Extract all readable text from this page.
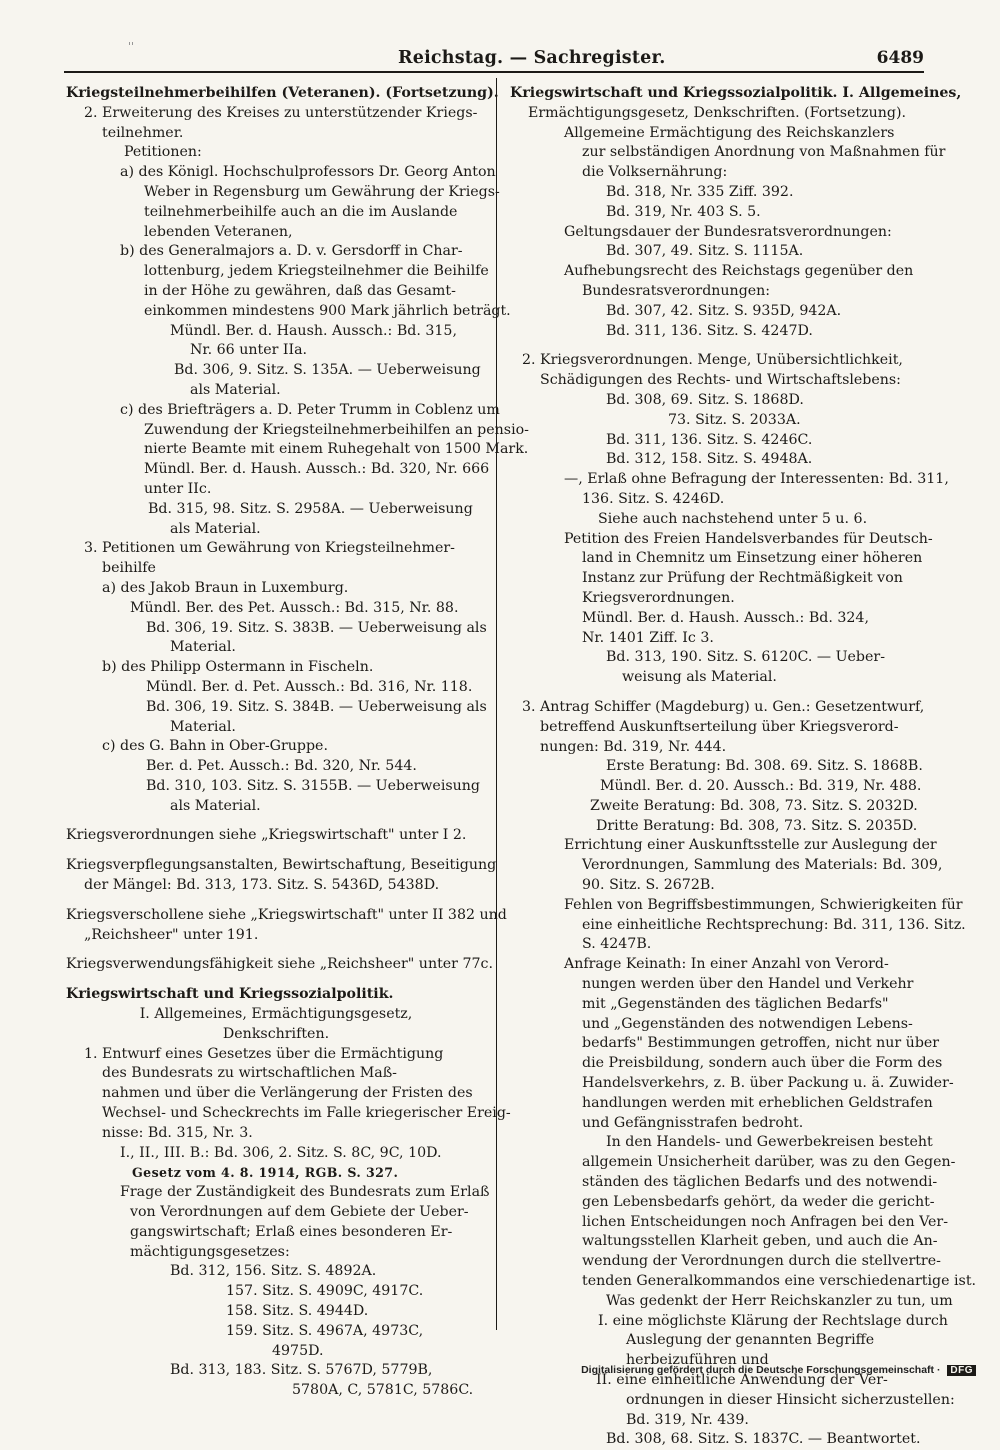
''
Reichstag. — Sachregister.	6489
Kriegsteilnehmerbeihilfen (Veteranen). (Fortsetzung).
2. Erweiterung des Kreises zu unterstützender Kriegs-
teilnehmer.
Petitionen:
a) des Königl. Hochschulprofessors Dr. Georg Anton
Weber in Regensburg um Gewährung der Kriegs-
teilnehmerbeihilfe auch an die im Auslande
lebenden Veteranen,
b) des Generalmajors a. D. v. Gersdorff in Char-
lottenburg, jedem Kriegsteilnehmer die Beihilfe
in der Höhe zu gewähren, daß das Gesamt-
einkommen mindestens 900 Mark jährlich beträgt.
Mündl. Ber. d. Haush. Aussch.: Bd. 315,
Nr. 66 unter IIa.
Bd. 306, 9. Sitz. S. 135A. — Ueberweisung
als Material.
c) des Briefträgers a. D. Peter Trumm in Coblenz um
Zuwendung der Kriegsteilnehmerbeihilfen an pensio-
nierte Beamte mit einem Ruhegehalt von 1500 Mark.
Mündl. Ber. d. Haush. Aussch.: Bd. 320, Nr. 666
unter IIc.
Bd. 315, 98. Sitz. S. 2958A. — Ueberweisung
als Material.
3. Petitionen um Gewährung von Kriegsteilnehmer-
beihilfe
a) des Jakob Braun in Luxemburg.
Mündl. Ber. des Pet. Aussch.: Bd. 315, Nr. 88.
Bd. 306, 19. Sitz. S. 383B. — Ueberweisung als
Material.
b) des Philipp Ostermann in Fischeln.
Mündl. Ber. d. Pet. Aussch.: Bd. 316, Nr. 118.
Bd. 306, 19. Sitz. S. 384B. — Ueberweisung als
Material.
c) des G. Bahn in Ober-Gruppe.
Ber. d. Pet. Aussch.: Bd. 320, Nr. 544.
Bd. 310, 103. Sitz. S. 3155B. — Ueberweisung
als Material.
Kriegsverordnungen siehe „Kriegswirtschaft" unter I 2.
Kriegsverpflegungsanstalten, Bewirtschaftung, Beseitigung
der Mängel: Bd. 313, 173. Sitz. S. 5436D, 5438D.
Kriegsverschollene siehe „Kriegswirtschaft" unter II 382 und
„Reichsheer" unter 191.
Kriegsverwendungsfähigkeit siehe „Reichsheer" unter 77c.
Kriegswirtschaft und Kriegssozialpolitik.
I. Allgemeines, Ermächtigungsgesetz,
Denkschriften.
1. Entwurf eines Gesetzes über die Ermächtigung
des Bundesrats zu wirtschaftlichen Maß-
nahmen und über die Verlängerung der Fristen des
Wechsel- und Scheckrechts im Falle kriegerischer Ereig-
nisse: Bd. 315, Nr. 3.
I., II., III. B.: Bd. 306, 2. Sitz. S. 8C, 9C, 10D.
Gesetz vom 4. 8. 1914, RGB. S. 327.
Frage der Zuständigkeit des Bundesrats zum Erlaß
von Verordnungen auf dem Gebiete der Ueber-
gangswirtschaft; Erlaß eines besonderen Er-
mächtigungsgesetzes:
Bd. 312, 156. Sitz. S. 4892A.
157. Sitz. S. 4909C, 4917C.
158. Sitz. S. 4944D.
159. Sitz. S. 4967A, 4973C,
4975D.
Bd. 313, 183. Sitz. S. 5767D, 5779B,
5780A, C, 5781C, 5786C.
Kriegswirtschaft und Kriegssozialpolitik. I. Allgemeines,
Ermächtigungsgesetz, Denkschriften. (Fortsetzung).
Allgemeine Ermächtigung des Reichskanzlers
zur selbständigen Anordnung von Maßnahmen für
die Volksernährung:
Bd. 318, Nr. 335 Ziff. 392.
Bd. 319, Nr. 403 S. 5.
Geltungsdauer der Bundesratsverordnungen:
Bd. 307, 49. Sitz. S. 1115A.
Aufhebungsrecht des Reichstags gegenüber den
Bundesratsverordnungen:
Bd. 307, 42. Sitz. S. 935D, 942A.
Bd. 311, 136. Sitz. S. 4247D.
2. Kriegsverordnungen. Menge, Unübersichtlichkeit,
Schädigungen des Rechts- und Wirtschaftslebens:
Bd. 308, 69. Sitz. S. 1868D.
73. Sitz. S. 2033A.
Bd. 311, 136. Sitz. S. 4246C.
Bd. 312, 158. Sitz. S. 4948A.
—, Erlaß ohne Befragung der Interessenten: Bd. 311,
136. Sitz. S. 4246D.
Siehe auch nachstehend unter 5 u. 6.
Petition des Freien Handelsverbandes für Deutsch-
land in Chemnitz um Einsetzung einer höheren
Instanz zur Prüfung der Rechtmäßigkeit von
Kriegsverordnungen.
Mündl. Ber. d. Haush. Aussch.: Bd. 324,
Nr. 1401 Ziff. Ic 3.
Bd. 313, 190. Sitz. S. 6120C. — Ueber-
weisung als Material.
3. Antrag Schiffer (Magdeburg) u. Gen.: Gesetzentwurf,
betreffend Auskunftserteilung über Kriegsverord-
nungen: Bd. 319, Nr. 444.
Erste Beratung: Bd. 308. 69. Sitz. S. 1868B.
Mündl. Ber. d. 20. Aussch.: Bd. 319, Nr. 488.
Zweite Beratung: Bd. 308, 73. Sitz. S. 2032D.
Dritte Beratung: Bd. 308, 73. Sitz. S. 2035D.
Errichtung einer Auskunftsstelle zur Auslegung der
Verordnungen, Sammlung des Materials: Bd. 309,
90. Sitz. S. 2672B.
Fehlen von Begriffsbestimmungen, Schwierigkeiten für
eine einheitliche Rechtsprechung: Bd. 311, 136. Sitz.
S. 4247B.
Anfrage Keinath: In einer Anzahl von Verord-
nungen werden über den Handel und Verkehr
mit „Gegenständen des täglichen Bedarfs"
und „Gegenständen des notwendigen Lebens-
bedarfs" Bestimmungen getroffen, nicht nur über
die Preisbildung, sondern auch über die Form des
Handelsverkehrs, z. B. über Packung u. ä. Zuwider-
handlungen werden mit erheblichen Geldstrafen
und Gefängnisstrafen bedroht.
In den Handels- und Gewerbekreisen besteht
allgemein Unsicherheit darüber, was zu den Gegen-
ständen des täglichen Bedarfs und des notwendi-
gen Lebensbedarfs gehört, da weder die gericht-
lichen Entscheidungen noch Anfragen bei den Ver-
waltungsstellen Klarheit geben, und auch die An-
wendung der Verordnungen durch die stellvertre-
tenden Generalkommandos eine verschiedenartige ist.
Was gedenkt der Herr Reichskanzler zu tun, um
I. eine möglichste Klärung der Rechtslage durch
Auslegung der genannten Begriffe
herbeizuführen und
II. eine einheitliche Anwendung der Ver-
ordnungen in dieser Hinsicht sicherzustellen:
Bd. 319, Nr. 439.
Bd. 308, 68. Sitz. S. 1837C. — Beantwortet.
Digitalisierung gefördert durch die Deutsche Forschungsgemeinschaft · DFG
